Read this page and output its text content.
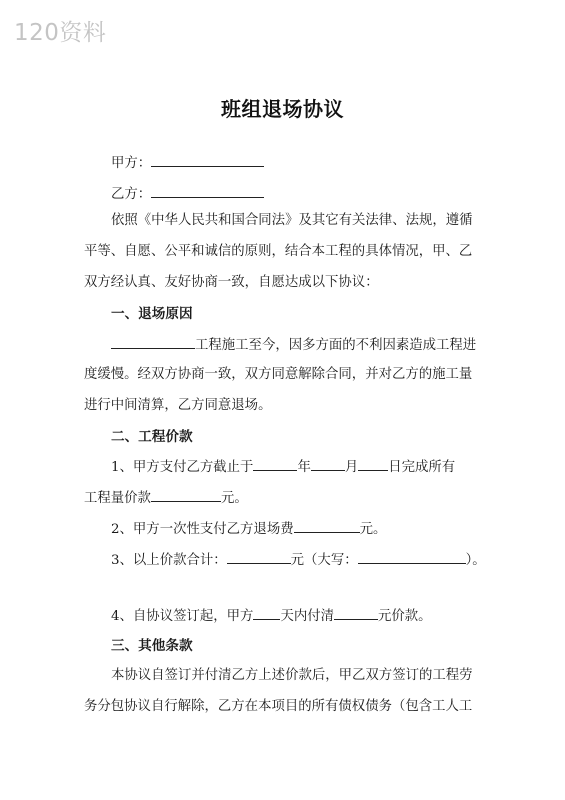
120资料
班组退场协议
甲方：
乙方：
依照《中华人民共和国合同法》及其它有关法律、法规，遵循
平等、自愿、公平和诚信的原则，结合本工程的具体情况，甲、乙
双方经认真、友好协商一致，自愿达成以下协议：
一、退场原因
工程施工至今，因多方面的不利因素造成工程进
度缓慢。经双方协商一致，双方同意解除合同，并对乙方的施工量
进行中间清算，乙方同意退场。
二、工程价款
1、甲方支付乙方截止于	年	月 日完成所有
工程量价款	元。
2、甲方一次性支付乙方退场费	元。
3、以上价款合计：	元（大写：	）。
4、自协议签订起，甲方 天内付清	元价款。
三、其他条款
本协议自签订并付清乙方上述价款后，甲乙双方签订的工程劳
务分包协议自行解除，乙方在本项目的所有债权债务（包含工人工
